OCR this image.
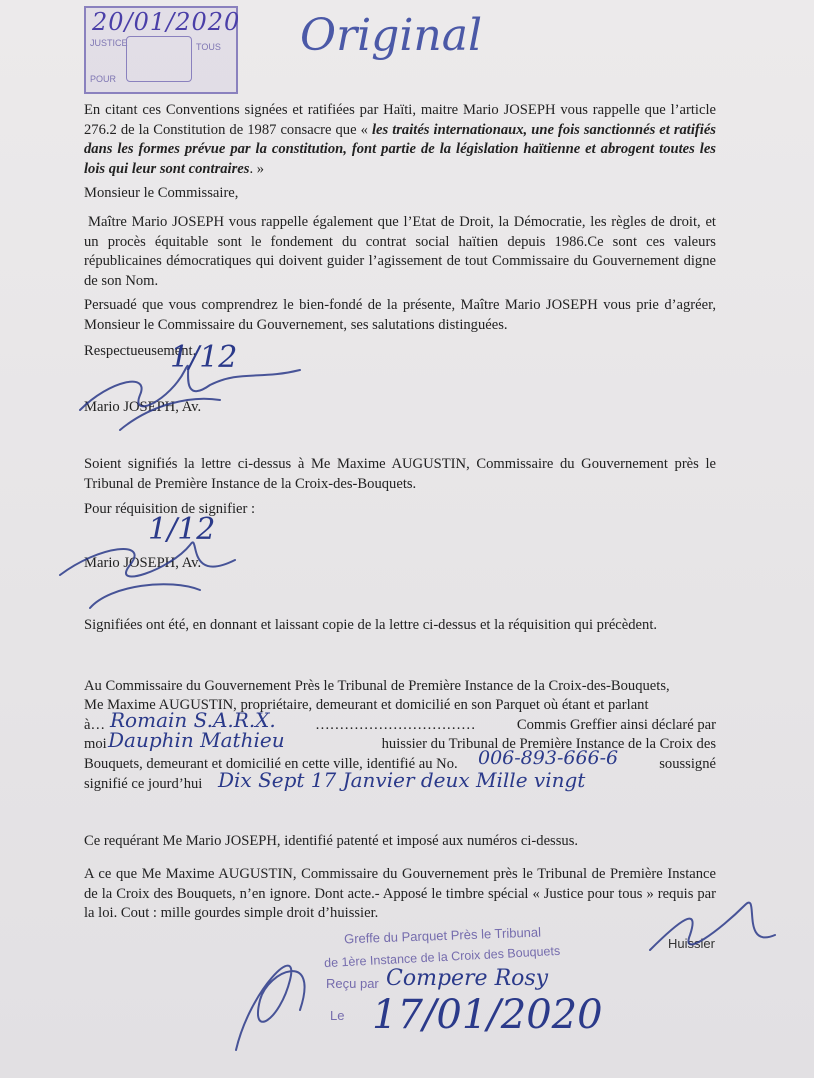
JUSTICE	TOUS
POUR
20/01/2020 Original
En citant ces Conventions signées et ratifiées par Haïti, maitre Mario JOSEPH vous rappelle que l’article 276.2 de la Constitution de 1987 consacre que « les traités internationaux, une fois sanctionnés et ratifiés dans les formes prévue par la constitution, font partie de la législation haïtienne et abrogent toutes les lois qui leur sont contraires. »
Monsieur le Commissaire,
Maître Mario JOSEPH vous rappelle également que l’Etat de Droit, la Démocratie, les règles de droit, et un procès équitable sont le fondement du contrat social haïtien depuis 1986.Ce sont ces valeurs républicaines démocratiques qui doivent guider l’agissement de tout Commissaire du Gouvernement digne de son Nom.
Persuadé que vous comprendrez le bien-fondé de la présente, Maître Mario JOSEPH vous prie d’agréer, Monsieur le Commissaire du Gouvernement, ses salutations distinguées.
Respectueusement.
Mario JOSEPH, Av.
1/12
Soient signifiés la lettre ci-dessus à Me Maxime AUGUSTIN, Commissaire du Gouvernement près le Tribunal de Première Instance de la Croix-des-Bouquets.
Pour réquisition de signifier :
1/12
Mario JOSEPH, Av.
Signifiées ont été, en donnant et laissant copie de la lettre ci-dessus et la réquisition qui précèdent.
Au Commissaire du Gouvernement Près le Tribunal de Première Instance de la Croix-des-Bouquets,
Me Maxime AUGUSTIN, propriétaire, demeurant et domicilié en son Parquet où étant et parlant
à…	……………………………	Commis Greffier ainsi déclaré par
Romain S.A.R.X.
moi	huissier du Tribunal de Première Instance de la Croix des
Dauphin Mathieu
Bouquets, demeurant et domicilié en cette ville, identifié au No.	soussigné
006-893-666-6
signifié ce jourd’hui Dix Sept 17 Janvier deux Mille vingt
Ce requérant Me Mario JOSEPH, identifié patenté et imposé aux numéros ci-dessus.
A ce que Me Maxime AUGUSTIN, Commissaire du Gouvernement près le Tribunal de Première Instance de la Croix des Bouquets, n’en ignore. Dont acte.- Apposé le timbre spécial « Justice pour tous » requis par la loi. Cout : mille gourdes simple droit d’huissier.
Greffe du Parquet Près le Tribunal
de 1ère Instance de la Croix des Bouquets
Reçu par
Le
Compere Rosy
17/01/2020
Huissier
